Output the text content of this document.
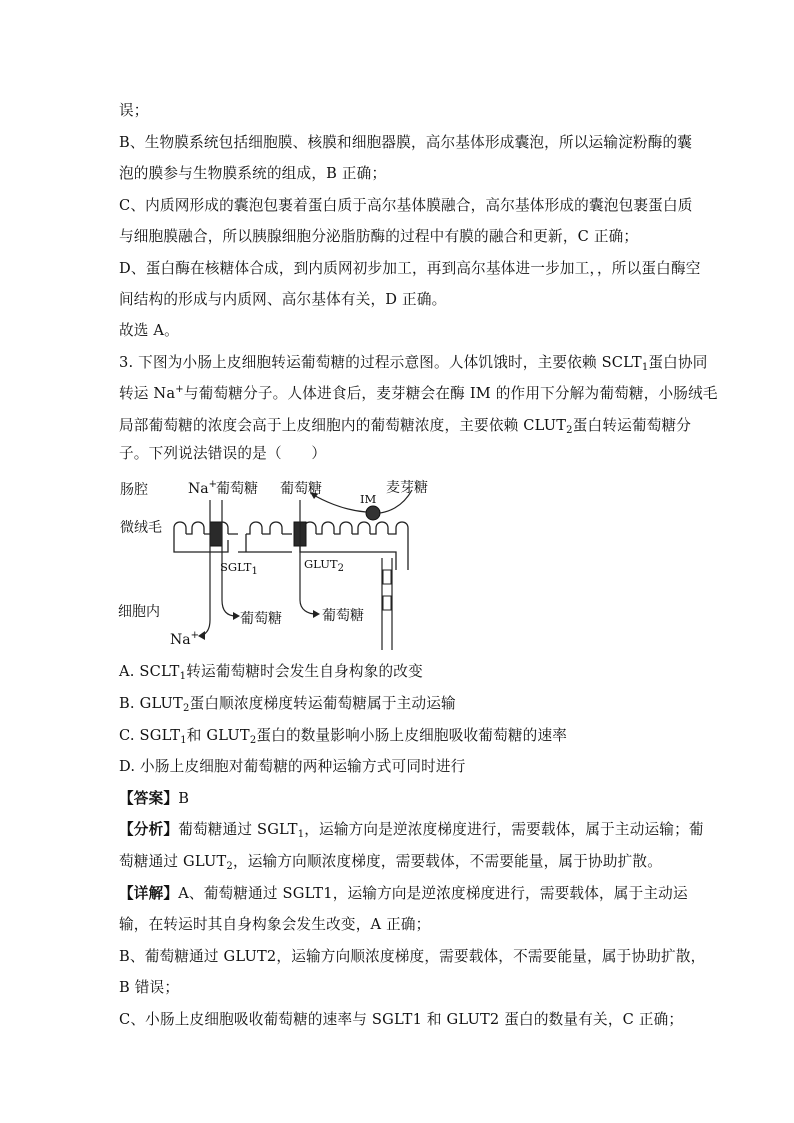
误；
B、生物膜系统包括细胞膜、核膜和细胞器膜，高尔基体形成囊泡，所以运输淀粉酶的囊
泡的膜参与生物膜系统的组成，B 正确；
C、内质网形成的囊泡包裹着蛋白质于高尔基体膜融合，高尔基体形成的囊泡包裹蛋白质
与细胞膜融合，所以胰腺细胞分泌脂肪酶的过程中有膜的融合和更新，C 正确；
D、蛋白酶在核糖体合成，到内质网初步加工，再到高尔基体进一步加工，，所以蛋白酶空
间结构的形成与内质网、高尔基体有关，D 正确。
故选 A。
3. 下图为小肠上皮细胞转运葡萄糖的过程示意图。人体饥饿时，主要依赖 $SCLT_1$蛋白协同
转运 Na+与葡萄糖分子。人体进食后，麦芽糖会在酶 IM 的作用下分解为葡萄糖，小肠绒毛
局部葡萄糖的浓度会高于上皮细胞内的葡萄糖浓度，主要依赖 $CLUT_2$蛋白转运葡萄糖分
子。下列说法错误的是（　　）
肠腔
微绒毛
细胞内
Na+ 葡萄糖 葡萄糖	麦芽糖
IM
$SGLT_1$
$GLUT_2$
葡萄糖	葡萄糖
Na+
A. $SCLT_1$转运葡萄糖时会发生自身构象的改变
B. $GLUT_2$蛋白顺浓度梯度转运葡萄糖属于主动运输
C. $SGLT_1$和 $GLUT_2$蛋白的数量影响小肠上皮细胞吸收葡萄糖的速率
D. 小肠上皮细胞对葡萄糖的两种运输方式可同时进行
【答案】B
【分析】葡萄糖通过 $SGLT_1$，运输方向是逆浓度梯度进行，需要载体，属于主动运输；葡
萄糖通过 $GLUT_2$，运输方向顺浓度梯度，需要载体，不需要能量，属于协助扩散。
【详解】A、葡萄糖通过 SGLT1，运输方向是逆浓度梯度进行，需要载体，属于主动运
输，在转运时其自身构象会发生改变，A 正确；
B、葡萄糖通过 GLUT2，运输方向顺浓度梯度，需要载体，不需要能量，属于协助扩散，
B 错误；
C、小肠上皮细胞吸收葡萄糖的速率与 SGLT1 和 GLUT2 蛋白的数量有关，C 正确；
